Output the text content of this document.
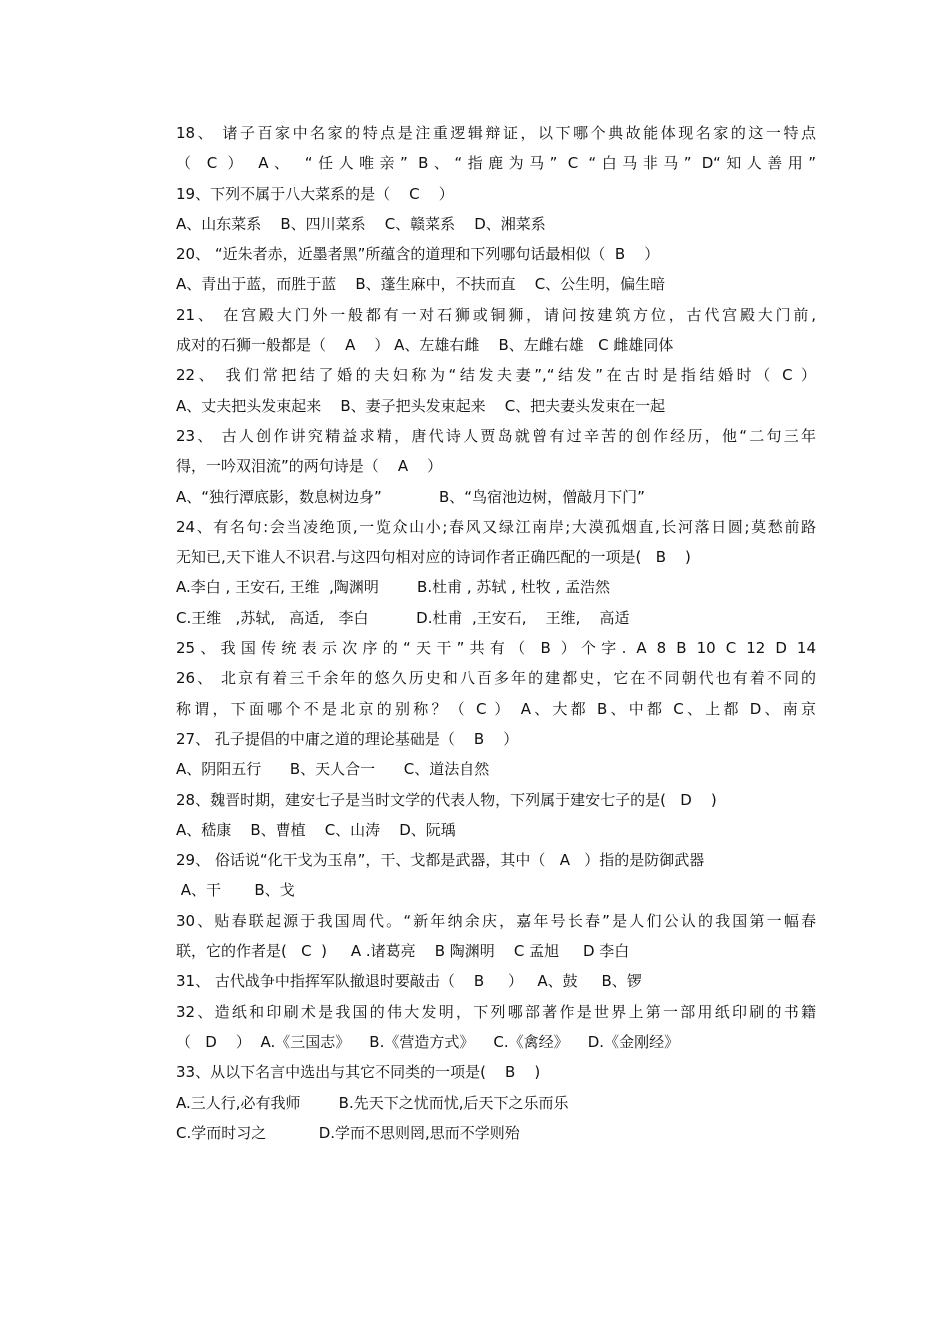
18、 诸子百家中名家的特点是注重逻辑辩证，以下哪个典故能体现名家的这一特点
（ C ） A、 “任人唯亲” B、“指鹿为马” C “白马非马” D“知人善用”
19、下列不属于八大菜系的是（    C    ）
A、山东菜系    B、四川菜系    C、赣菜系    D、湘菜系
20、 “近朱者赤，近墨者黑”所蕴含的道理和下列哪句话最相似（  B    ）
A、青出于蓝，而胜于蓝    B、蓬生麻中，不扶而直    C、公生明，偏生暗
21、 在宫殿大门外一般都有一对石狮或铜狮，请问按建筑方位，古代宫殿大门前,
成对的石狮一般都是（    A    ） A、左雄右雌    B、左雌右雄   C 雌雄同体
22、 我们常把结了婚的夫妇称为“结发夫妻”,“结发”在古时是指结婚时（ C ）
A、丈夫把头发束起来    B、妻子把头发束起来    C、把夫妻头发束在一起
23、 古人创作讲究精益求精，唐代诗人贾岛就曾有过辛苦的创作经历，他“二句三年
得，一吟双泪流”的两句诗是（    A    ）
A、“独行潭底影，数息树边身”            B、“鸟宿池边树，僧敲月下门”
24、有名句:会当凌绝顶,一览众山小;春风又绿江南岸;大漠孤烟直,长河落日圆;莫愁前路
无知已,天下谁人不识君.与这四句相对应的诗词作者正确匹配的一项是(   B    )
A.李白 , 王安石, 王维  ,陶渊明        B.杜甫 , 苏轼 , 杜牧 , 孟浩然
C.王维   ,苏轼,   高适,   李白          D.杜甫  ,王安石,    王维,    高适
25、我国传统表示次序的“天干”共有（ B ）个字. A 8 B 10 C 12 D 14
26、 北京有着三千余年的悠久历史和八百多年的建都史，它在不同朝代也有着不同的
称谓，下面哪个不是北京的别称？（ C ） A、大都 B、中都 C、上都 D、南京
27、 孔子提倡的中庸之道的理论基础是（    B    ）
A、阴阳五行      B、天人合一      C、道法自然
28、魏晋时期，建安七子是当时文学的代表人物，下列属于建安七子的是(   D    )
A、嵇康    B、曹植    C、山涛    D、阮瑀
29、 俗话说“化干戈为玉帛”，干、戈都是武器，其中（   A   ）指的是防御武器
A、干       B、戈
30、贴春联起源于我国周代。“新年纳余庆，嘉年号长春”是人们公认的我国第一幅春
联，它的作者是(   C  )     A .诸葛亮    B 陶渊明    C 孟旭     D 李白
31、 古代战争中指挥军队撤退时要敲击（    B     ）   A、鼓     B、锣
32、造纸和印刷术是我国的伟大发明，下列哪部著作是世界上第一部用纸印刷的书籍
（   D    ）  A.《三国志》    B.《营造方式》    C.《禽经》    D.《金刚经》
33、从以下名言中选出与其它不同类的一项是(    B    )
A.三人行,必有我师        B.先天下之忧而忧,后天下之乐而乐
C.学而时习之           D.学而不思则罔,思而不学则殆
